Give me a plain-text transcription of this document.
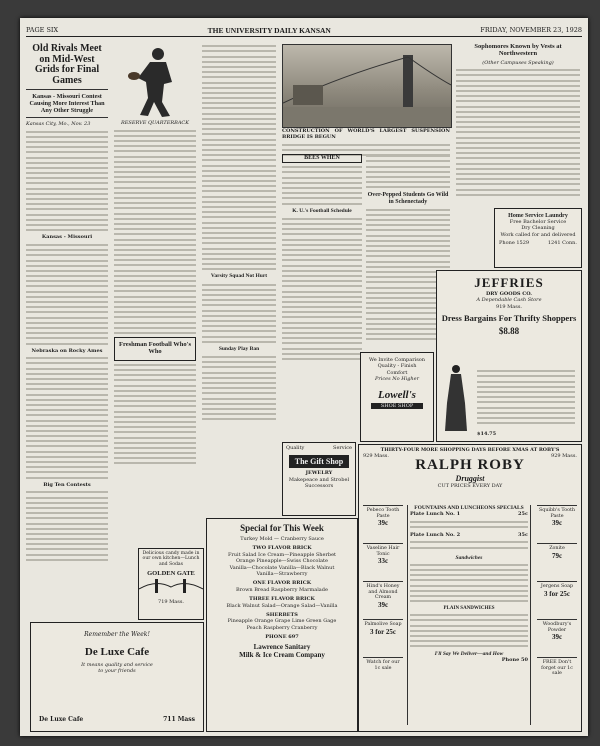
PAGE SIX	THE UNIVERSITY DAILY KANSAN	FRIDAY, NOVEMBER 23, 1928
Old Rivals Meet on Mid-West Grids for Final Games
Kansas - Missouri Contest Causing More Interest Than Any Other Struggle
Kansas City, Mo., Nov. 23
Kansas - Missouri
Nebraska on Rocky Ames
Big Ten Contests
RESERVE QUARTERBACK
Freshman Football Who's Who
Varsity Squad Not Hurt
Sunday Play Ban
CONSTRUCTION OF WORLD'S LARGEST SUSPENSION BRIDGE IS BEGUN
BEES WHEN
K. U.'s Football Schedule
Over-Pepped Students Go Wild in Schenectady
Sophomores Known by Vests at Northwestern
(Other Campuses Speaking)
Home Service Laundry
Free Bachelor Service
Dry Cleaning
Work called for and delivered
Phone 1529	1241 Conn.
JEFFRIES
DRY GOODS CO.
A Dependable Cash Store
919 Mass.
Dress Bargains For Thrifty Shoppers
$8.88
$14.75
We Invite Comparison
Quality - Finish
Comfort
Prices No Higher
Lowell's
SHOE SHOP
Quality	Service
The Gift Shop
JEWELRY
Makepeace and Strobel
Successors
THIRTY-FOUR MORE SHOPPING DAYS BEFORE XMAS AT ROBY'S
929 Mass.	929 Mass.
RALPH ROBY
Druggist
CUT PRICES EVERY DAY
Pebeco Tooth Paste
39c
Vaseline Hair Tonic
33c
Hind's Honey and Almond Cream
39c
Palmolive Soap
3 for 25c
Watch for our 1c sale
Squibb's Tooth Paste
39c
Zonite
79c
Jergens Soap
3 for 25c
Woodbury's Powder
39c
FREE Don't forget our 1c sale
FOUNTAINS AND LUNCHEONS SPECIALS
Plate Lunch No. 1	25c
Plate Lunch No. 2	35c
Sandwiches
PLAIN SANDWICHES
I'll Say We Deliver—and How
Phone 50
Delicious candy made in our own kitchen—Lunch and Sodas
GOLDEN GATE
719 Mass.
Special for This Week
Turkey Mold — Cranberry Sauce
TWO FLAVOR BRICK
Fruit Salad Ice Cream—Pineapple Sherbet
Orange Pineapple—Swiss Chocolate
Vanilla—Chocolate Vanilla—Black Walnut
Vanilla—Strawberry
ONE FLAVOR BRICK
Brown Bread Raspberry Marmalade
THREE FLAVOR BRICK
Black Walnut Salad—Orange Salad—Vanilla
SHERBETS
Pineapple Orange Grape Lime Green Gage
Peach Raspberry Cranberry
PHONE 697
Lawrence Sanitary
Milk & Ice Cream Company
Remember the Week!
De Luxe Cafe
It means quality and service
to your friends
De Luxe Cafe	711 Mass
